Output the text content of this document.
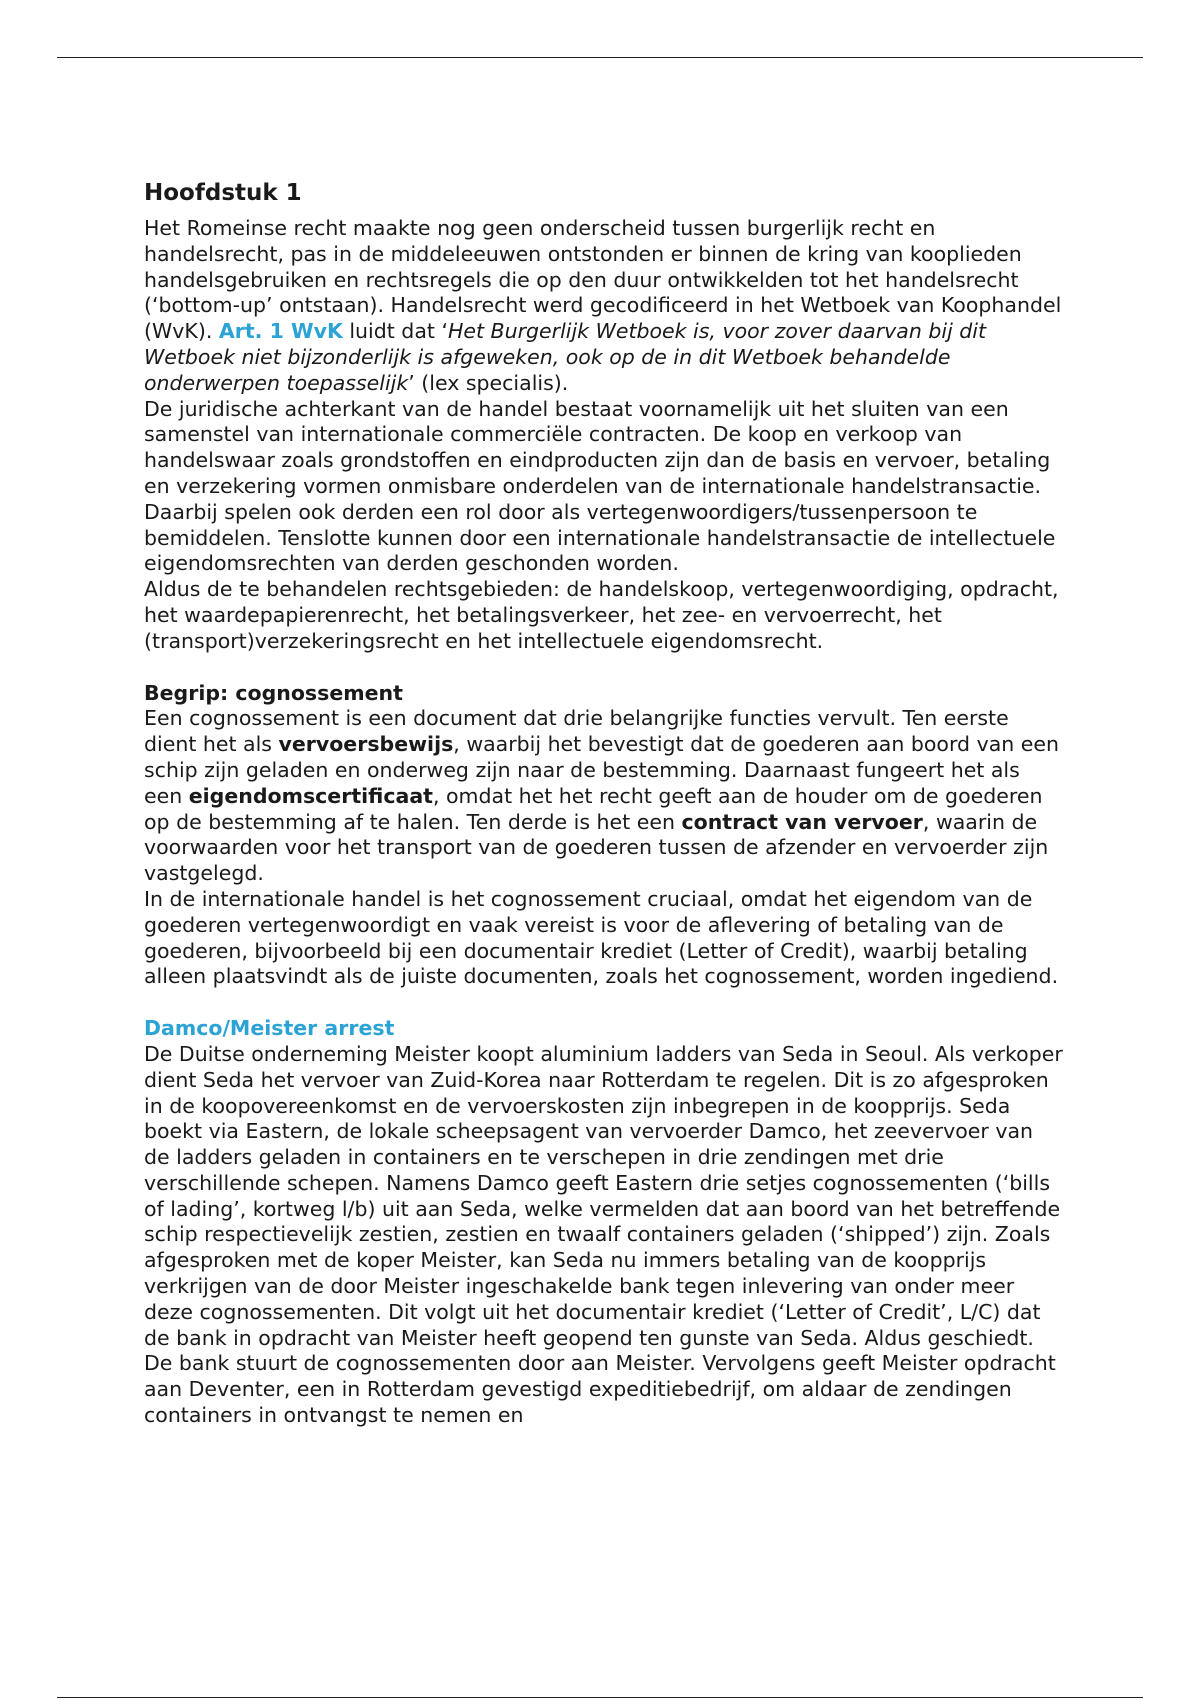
Hoofdstuk 1

Het Romeinse recht maakte nog geen onderscheid tussen burgerlijk recht en handelsrecht, pas in de middeleeuwen ontstonden er binnen de kring van kooplieden handelsgebruiken en rechtsregels die op den duur ontwikkelden tot het handelsrecht (‘bottom-up’ ontstaan). Handelsrecht werd gecodificeerd in het Wetboek van Koophandel (WvK). Art. 1 WvK luidt dat ‘Het Burgerlijk Wetboek is, voor zover daarvan bij dit Wetboek niet bijzonderlijk is afgeweken, ook op de in dit Wetboek behandelde onderwerpen toepasselijk’ (lex specialis).

De juridische achterkant van de handel bestaat voornamelijk uit het sluiten van een samenstel van internationale commerciële contracten. De koop en verkoop van handelswaar zoals grondstoffen en eindproducten zijn dan de basis en vervoer, betaling en verzekering vormen onmisbare onderdelen van de internationale handelstransactie. Daarbij spelen ook derden een rol door als vertegenwoordigers/tussenpersoon te bemiddelen. Tenslotte kunnen door een internationale handelstransactie de intellectuele eigendomsrechten van derden geschonden worden.

Aldus de te behandelen rechtsgebieden: de handelskoop, vertegenwoordiging, opdracht, het waardepapierenrecht, het betalingsverkeer, het zee- en vervoerrecht, het (transport)verzekeringsrecht en het intellectuele eigendomsrecht.

Begrip: cognossement

Een cognossement is een document dat drie belangrijke functies vervult. Ten eerste dient het als vervoersbewijs, waarbij het bevestigt dat de goederen aan boord van een schip zijn geladen en onderweg zijn naar de bestemming. Daarnaast fungeert het als een eigendomscertificaat, omdat het het recht geeft aan de houder om de goederen op de bestemming af te halen. Ten derde is het een contract van vervoer, waarin de voorwaarden voor het transport van de goederen tussen de afzender en vervoerder zijn vastgelegd.

In de internationale handel is het cognossement cruciaal, omdat het eigendom van de goederen vertegenwoordigt en vaak vereist is voor de aflevering of betaling van de goederen, bijvoorbeeld bij een documentair krediet (Letter of Credit), waarbij betaling alleen plaatsvindt als de juiste documenten, zoals het cognossement, worden ingediend.

Damco/Meister arrest

De Duitse onderneming Meister koopt aluminium ladders van Seda in Seoul. Als verkoper dient Seda het vervoer van Zuid-Korea naar Rotterdam te regelen. Dit is zo afgesproken in de koopovereenkomst en de vervoerskosten zijn inbegrepen in de koopprijs. Seda boekt via Eastern, de lokale scheepsagent van vervoerder Damco, het zeevervoer van de ladders geladen in containers en te verschepen in drie zendingen met drie verschillende schepen. Namens Damco geeft Eastern drie setjes cognossementen (‘bills of lading’, kortweg l/b) uit aan Seda, welke vermelden dat aan boord van het betreffende schip respectievelijk zestien, zestien en twaalf containers geladen (‘shipped’) zijn. Zoals afgesproken met de koper Meister, kan Seda nu immers betaling van de koopprijs verkrijgen van de door Meister ingeschakelde bank tegen inlevering van onder meer deze cognossementen. Dit volgt uit het documentair krediet (‘Letter of Credit’, L/C) dat de bank in opdracht van Meister heeft geopend ten gunste van Seda. Aldus geschiedt. De bank stuurt de cognossementen door aan Meister. Vervolgens geeft Meister opdracht aan Deventer, een in Rotterdam gevestigd expeditiebedrijf, om aldaar de zendingen containers in ontvangst te nemen en
